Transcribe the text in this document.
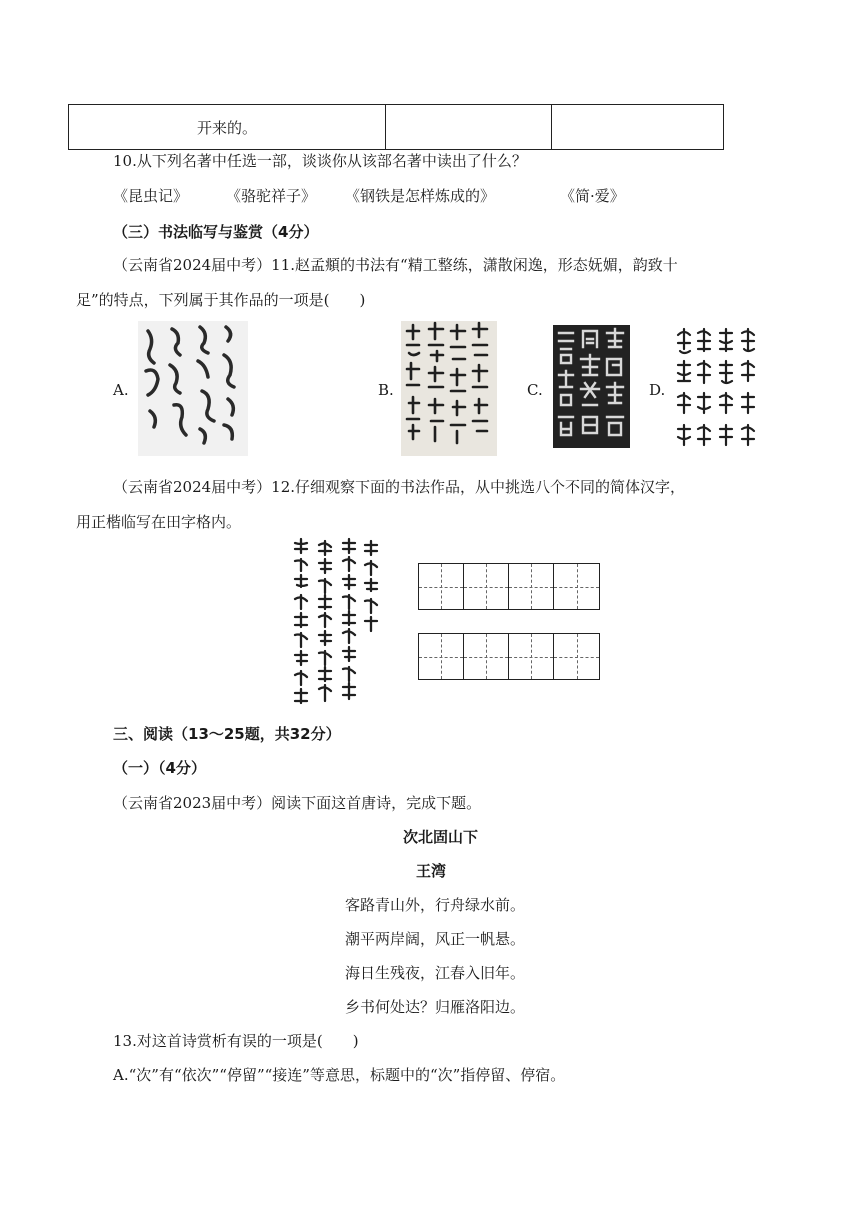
开来的。
10.从下列名著中任选一部，谈谈你从该部名著中读出了什么？
《昆虫记》	《骆驼祥子》 《钢铁是怎样炼成的》	《简·爱》
（三）书法临写与鉴赏（4分）
（云南省2024届中考）11.赵孟頫的书法有“精工整练，潇散闲逸，形态妩媚，韵致十
足”的特点，下列属于其作品的一项是(　　)
A.	B.	C.	D.
（云南省2024届中考）12.仔细观察下面的书法作品，从中挑选八个不同的简体汉字，
用正楷临写在田字格内。
三、阅读（13～25题，共32分）
（一）（4分）
（云南省2023届中考）阅读下面这首唐诗，完成下题。
次北固山下
王湾
客路青山外，行舟绿水前。
潮平两岸阔，风正一帆悬。
海日生残夜，江春入旧年。
乡书何处达？归雁洛阳边。
13.对这首诗赏析有误的一项是(　　)
A.“次”有“依次”“停留”“接连”等意思，标题中的“次”指停留、停宿。
